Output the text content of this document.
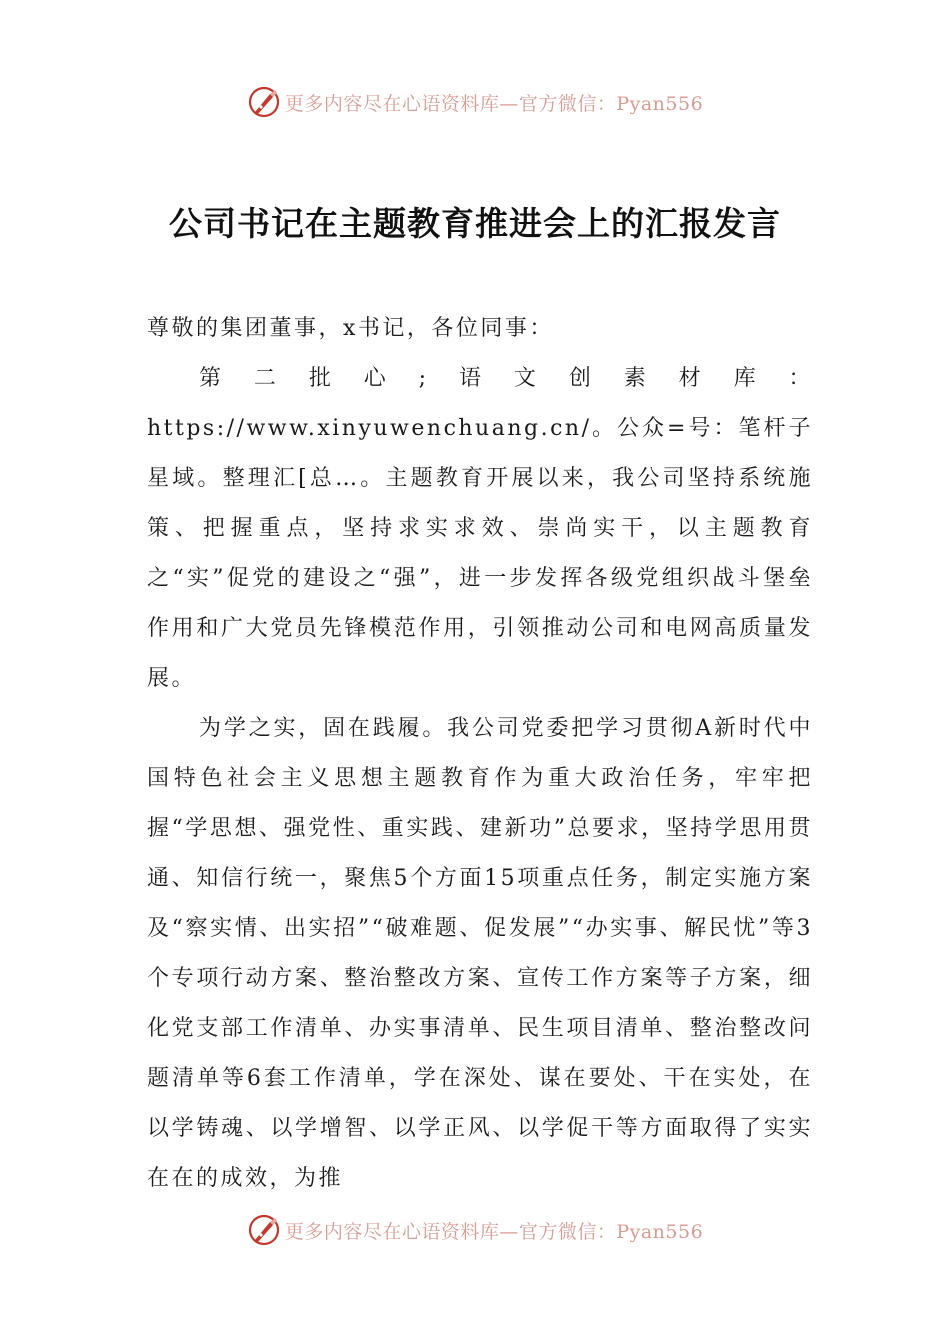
更多内容尽在心语资料库—官方微信：Pyan556
公司书记在主题教育推进会上的汇报发言

尊敬的集团董事，x书记，各位同事：

第二批心;语文创素材库：https://www.xinyuwenchuang.cn/。公众=号：笔杆子星域。整理汇[总…。主题教育开展以来，我公司坚持系统施策、把握重点，坚持求实求效、崇尚实干，以主题教育之“实”促党的建设之“强”，进一步发挥各级党组织战斗堡垒作用和广大党员先锋模范作用，引领推动公司和电网高质量发展。

为学之实，固在践履。我公司党委把学习贯彻A新时代中国特色社会主义思想主题教育作为重大政治任务，牢牢把握“学思想、强党性、重实践、建新功”总要求，坚持学思用贯通、知信行统一，聚焦5个方面15项重点任务，制定实施方案及“察实情、出实招”“破难题、促发展”“办实事、解民忧”等3个专项行动方案、整治整改方案、宣传工作方案等子方案，细化党支部工作清单、办实事清单、民生项目清单、整治整改问题清单等6套工作清单，学在深处、谋在要处、干在实处，在以学铸魂、以学增智、以学正风、以学促干等方面取得了实实在在的成效，为推

更多内容尽在心语资料库—官方微信：Pyan556
